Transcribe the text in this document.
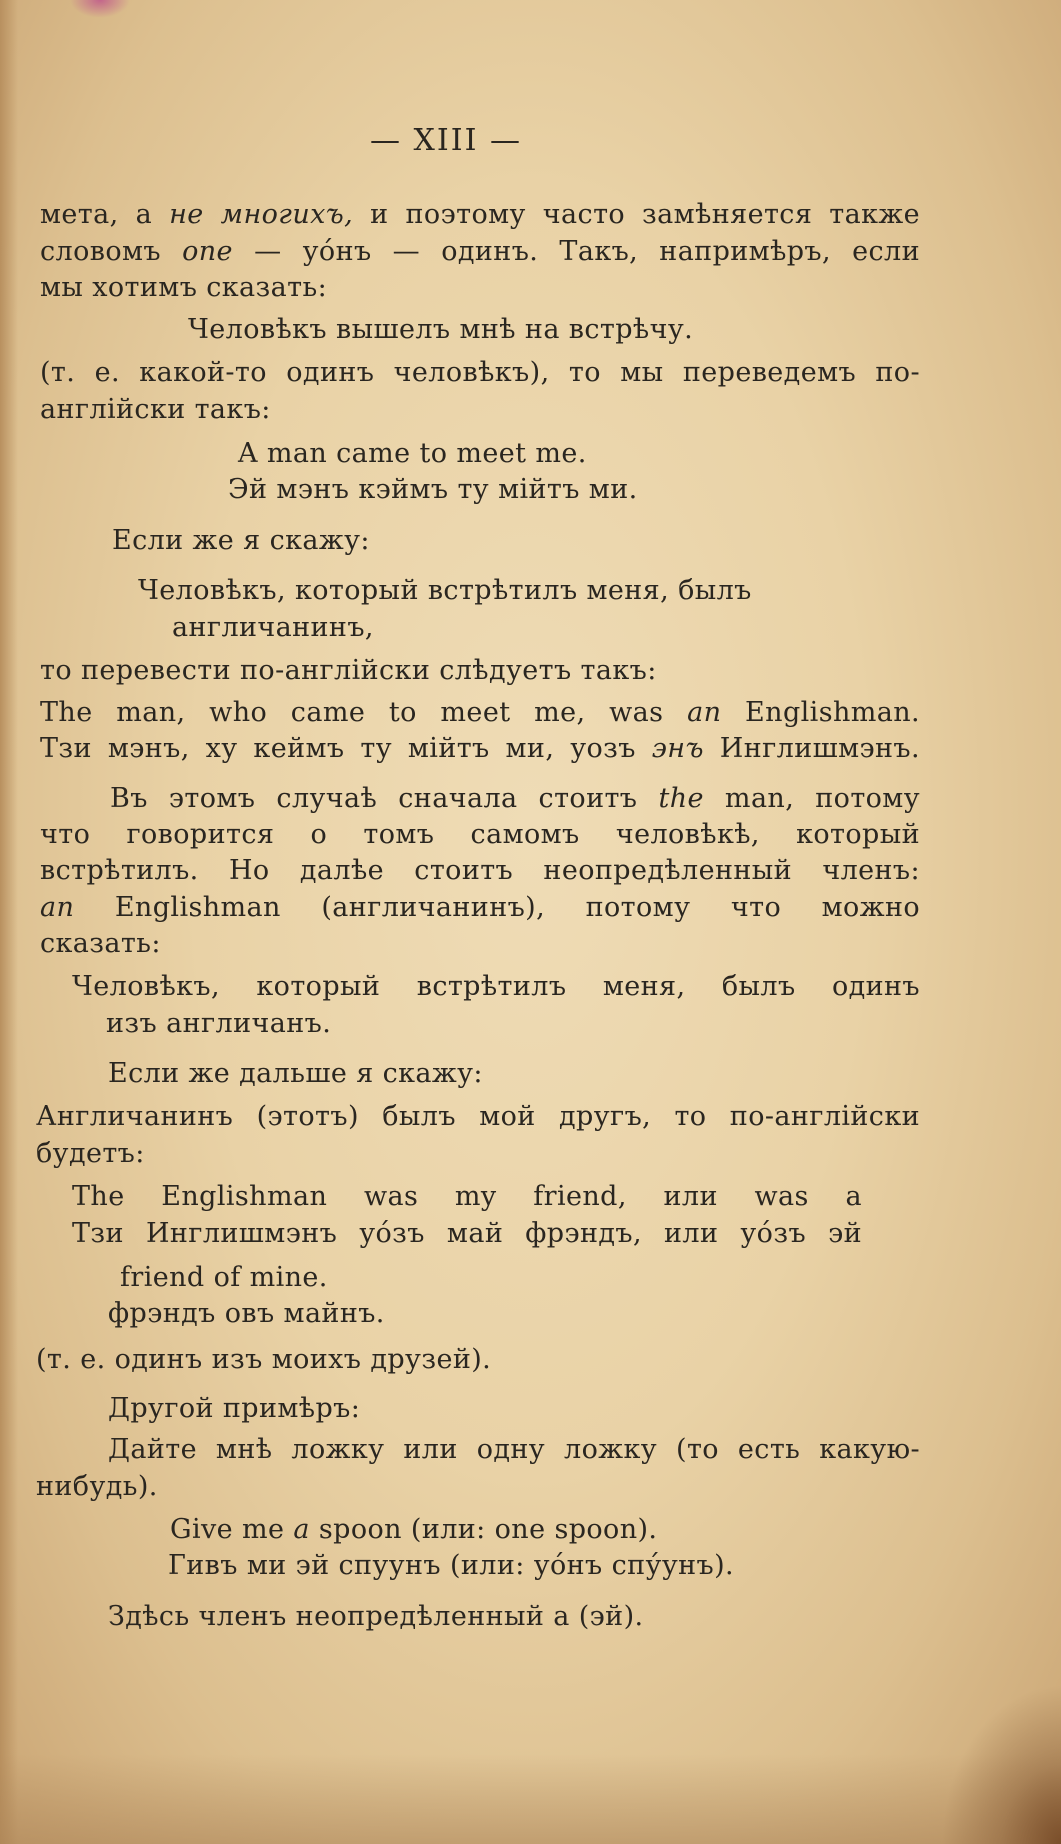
— XIII —
мета, а не многихъ, и поэтому часто замѣняется также
словомъ one — уо́нъ — одинъ. Такъ, напримѣръ, если
мы хотимъ сказать:
Человѣкъ вышелъ мнѣ на встрѣчу.
(т. е. какой-то одинъ человѣкъ), то мы переведемъ по-
англійски такъ:
A man came to meet me.
Эй мэнъ кэймъ ту мійтъ ми.
Если же я скажу:
Человѣкъ, который встрѣтилъ меня, былъ
англичанинъ,
то перевести по-англійски слѣдуетъ такъ:
The man, who came to meet me, was an Englishman.
Тзи мэнъ, ху кеймъ ту мійтъ ми, уозъ энъ Инглишмэнъ.
Въ этомъ случаѣ сначала стоитъ the man, потому
что говорится о томъ самомъ человѣкѣ, который
встрѣтилъ. Но далѣе стоитъ неопредѣленный членъ:
an Englishman (англичанинъ), потому что можно
сказать:
Человѣкъ, который встрѣтилъ меня, былъ одинъ
изъ англичанъ.
Если же дальше я скажу:
Англичанинъ (этотъ) былъ мой другъ, то по-англійски
будетъ:
The Englishman was my friend, или was a
Тзи Инглишмэнъ уо́зъ май фрэндъ, или уо́зъ эй
friend of mine.
фрэндъ овъ майнъ.
(т. е. одинъ изъ моихъ друзей).
Другой примѣръ:
Дайте мнѣ ложку или одну ложку (то есть какую-
нибудь).
Give me a spoon (или: one spoon).
Гивъ ми эй спуунъ (или: уо́нъ спу́унъ).
Здѣсь членъ неопредѣленный a (эй).
